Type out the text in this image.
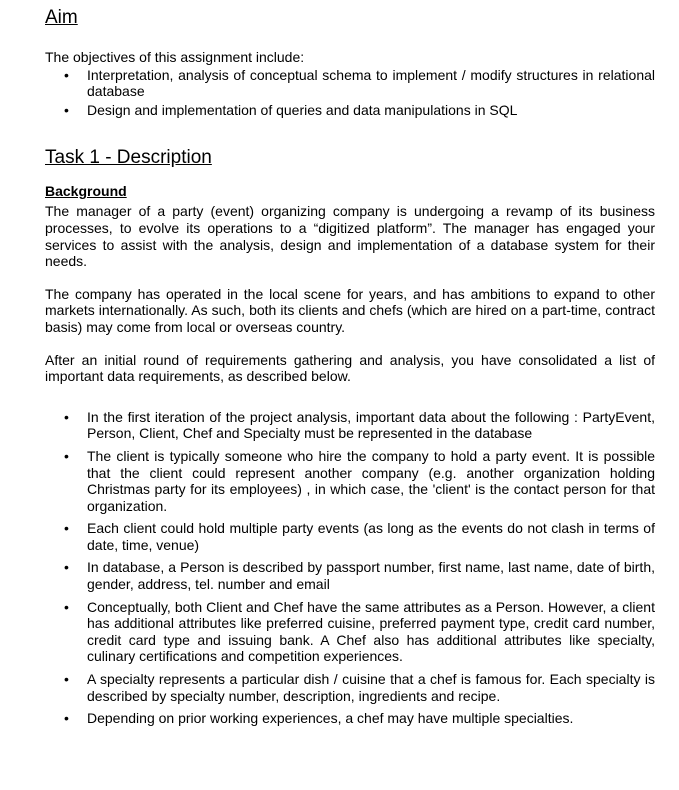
Aim

The objectives of this assignment include:

• Interpretation, analysis of conceptual schema to implement / modify structures in relational database
• Design and implementation of queries and data manipulations in SQL
Task 1 - Description
Background

The manager of a party (event) organizing company is undergoing a revamp of its business processes, to evolve its operations to a “digitized platform”. The manager has engaged your services to assist with the analysis, design and implementation of a database system for their needs.

The company has operated in the local scene for years, and has ambitions to expand to other markets internationally. As such, both its clients and chefs (which are hired on a part-time, contract basis) may come from local or overseas country.

After an initial round of requirements gathering and analysis, you have consolidated a list of important data requirements, as described below.

• In the first iteration of the project analysis, important data about the following : PartyEvent, Person, Client, Chef and Specialty must be represented in the database
• The client is typically someone who hire the company to hold a party event. It is possible that the client could represent another company (e.g. another organization holding Christmas party for its employees) , in which case, the 'client' is the contact person for that organization.
• Each client could hold multiple party events (as long as the events do not clash in terms of date, time, venue)
• In database, a Person is described by passport number, first name, last name, date of birth, gender, address, tel. number and email
• Conceptually, both Client and Chef have the same attributes as a Person. However, a client has additional attributes like preferred cuisine, preferred payment type, credit card number, credit card type and issuing bank. A Chef also has additional attributes like specialty, culinary certifications and competition experiences.
• A specialty represents a particular dish / cuisine that a chef is famous for. Each specialty is described by specialty number, description, ingredients and recipe.
• Depending on prior working experiences, a chef may have multiple specialties.
